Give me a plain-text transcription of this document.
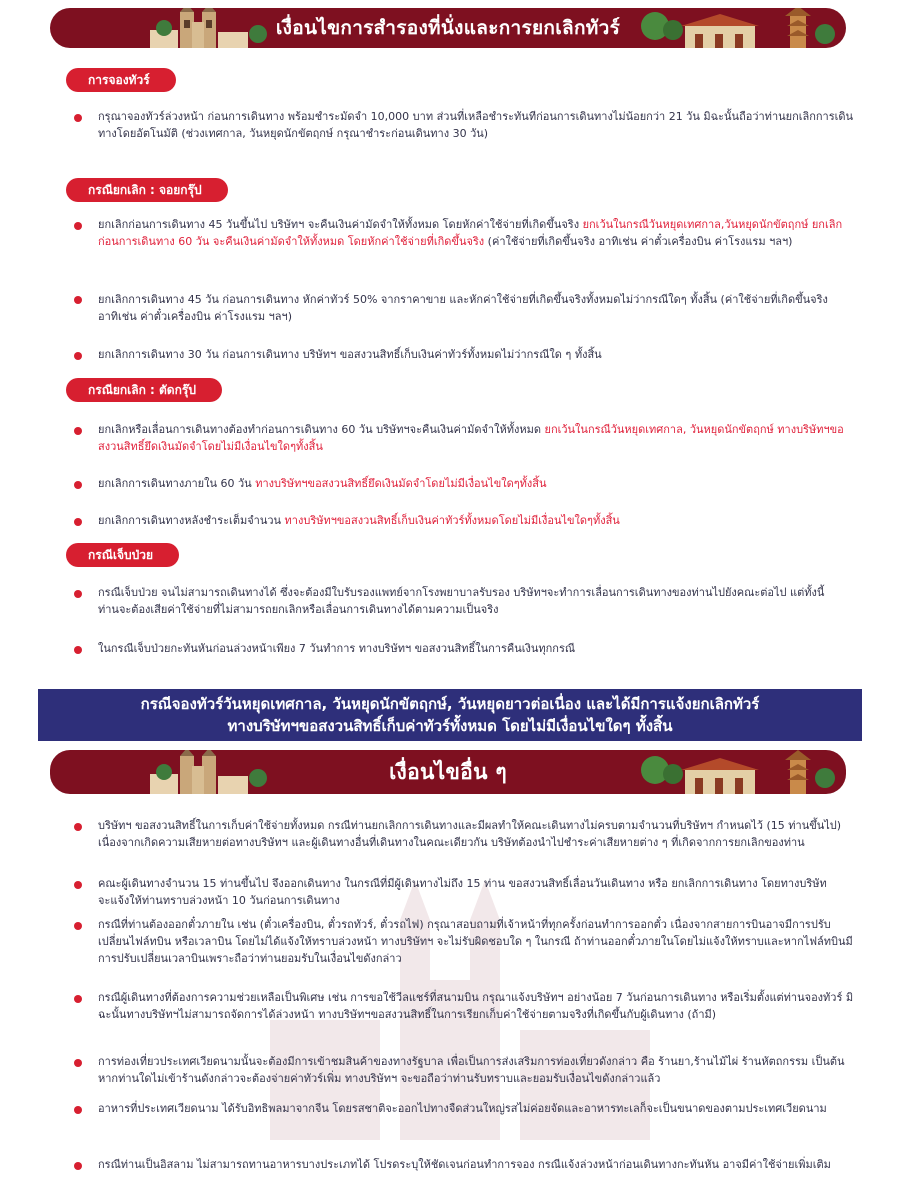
เงื่อนไขการสำรองที่นั่งและการยกเลิกทัวร์
การจองทัวร์
กรุณาจองทัวร์ล่วงหน้า ก่อนการเดินทาง พร้อมชำระมัดจำ 10,000 บาท ส่วนที่เหลือชำระทันทีก่อนการเดินทางไม่น้อยกว่า 21 วัน มิฉะนั้นถือว่าท่านยกเลิกการเดินทางโดยอัตโนมัติ (ช่วงเทศกาล, วันหยุดนักขัตฤกษ์ กรุณาชำระก่อนเดินทาง 30 วัน)
กรณียกเลิก : จอยกรุ๊ป
ยกเลิกก่อนการเดินทาง 45 วันขึ้นไป บริษัทฯ จะคืนเงินค่ามัดจำให้ทั้งหมด โดยหักค่าใช้จ่ายที่เกิดขึ้นจริง ยกเว้นในกรณีวันหยุดเทศกาล,วันหยุดนักขัตฤกษ์ ยกเลิกก่อนการเดินทาง 60 วัน จะคืนเงินค่ามัดจำให้ทั้งหมด โดยหักค่าใช้จ่ายที่เกิดขึ้นจริง (ค่าใช้จ่ายที่เกิดขึ้นจริง อาทิเช่น ค่าตั๋วเครื่องบิน ค่าโรงแรม ฯลฯ)
ยกเลิกการเดินทาง 45 วัน ก่อนการเดินทาง หักค่าทัวร์ 50% จากราคาขาย และหักค่าใช้จ่ายที่เกิดขึ้นจริงทั้งหมดไม่ว่ากรณีใดๆ ทั้งสิ้น (ค่าใช้จ่ายที่เกิดขึ้นจริง อาทิเช่น ค่าตั๋วเครื่องบิน ค่าโรงแรม ฯลฯ)
ยกเลิกการเดินทาง 30 วัน ก่อนการเดินทาง บริษัทฯ ขอสงวนสิทธิ์เก็บเงินค่าทัวร์ทั้งหมดไม่ว่ากรณีใด ๆ ทั้งสิ้น
กรณียกเลิก : ตัดกรุ๊ป
ยกเลิกหรือเลื่อนการเดินทางต้องทำก่อนการเดินทาง 60 วัน บริษัทฯจะคืนเงินค่ามัดจำให้ทั้งหมด ยกเว้นในกรณีวันหยุดเทศกาล, วันหยุดนักขัตฤกษ์ ทางบริษัทฯขอสงวนสิทธิ์ยึดเงินมัดจำโดยไม่มีเงื่อนไขใดๆทั้งสิ้น
ยกเลิกการเดินทางภายใน 60 วัน ทางบริษัทฯขอสงวนสิทธิ์ยึดเงินมัดจำโดยไม่มีเงื่อนไขใดๆทั้งสิ้น
ยกเลิกการเดินทางหลังชำระเต็มจำนวน ทางบริษัทฯขอสงวนสิทธิ์เก็บเงินค่าทัวร์ทั้งหมดโดยไม่มีเงื่อนไขใดๆทั้งสิ้น
กรณีเจ็บป่วย
กรณีเจ็บป่วย จนไม่สามารถเดินทางได้ ซึ่งจะต้องมีใบรับรองแพทย์จากโรงพยาบาลรับรอง บริษัทฯจะทำการเลื่อนการเดินทางของท่านไปยังคณะต่อไป แต่ทั้งนี้ท่านจะต้องเสียค่าใช้จ่ายที่ไม่สามารถยกเลิกหรือเลื่อนการเดินทางได้ตามความเป็นจริง
ในกรณีเจ็บป่วยกะทันหันก่อนล่วงหน้าเพียง 7 วันทำการ ทางบริษัทฯ ขอสงวนสิทธิ์ในการคืนเงินทุกกรณี
กรณีจองทัวร์วันหยุดเทศกาล, วันหยุดนักขัตฤกษ์, วันหยุดยาวต่อเนื่อง และได้มีการแจ้งยกเลิกทัวร์
ทางบริษัทฯขอสงวนสิทธิ์เก็บค่าทัวร์ทั้งหมด โดยไม่มีเงื่อนไขใดๆ ทั้งสิ้น
เงื่อนไขอื่น ๆ
บริษัทฯ ขอสงวนสิทธิ์ในการเก็บค่าใช้จ่ายทั้งหมด กรณีท่านยกเลิกการเดินทางและมีผลทำให้คณะเดินทางไม่ครบตามจำนวนที่บริษัทฯ กำหนดไว้ (15 ท่านขึ้นไป) เนื่องจากเกิดความเสียหายต่อทางบริษัทฯ และผู้เดินทางอื่นที่เดินทางในคณะเดียวกัน บริษัทต้องนำไปชำระค่าเสียหายต่าง ๆ ที่เกิดจากการยกเลิกของท่าน
คณะผู้เดินทางจำนวน 15 ท่านขึ้นไป จึงออกเดินทาง ในกรณีที่มีผู้เดินทางไม่ถึง 15 ท่าน ขอสงวนสิทธิ์เลื่อนวันเดินทาง หรือ ยกเลิกการเดินทาง โดยทางบริษัทจะแจ้งให้ท่านทราบล่วงหน้า 10 วันก่อนการเดินทาง
กรณีที่ท่านต้องออกตั๋วภายใน เช่น (ตั๋วเครื่องบิน, ตั๋วรถทัวร์, ตั๋วรถไฟ) กรุณาสอบถามที่เจ้าหน้าที่ทุกครั้งก่อนทำการออกตั๋ว เนื่องจากสายการบินอาจมีการปรับเปลี่ยนไฟล์ทบิน หรือเวลาบิน โดยไม่ได้แจ้งให้ทราบล่วงหน้า ทางบริษัทฯ จะไม่รับผิดชอบใด ๆ ในกรณี ถ้าท่านออกตั๋วภายในโดยไม่แจ้งให้ทราบและหากไฟล์ทบินมีการปรับเปลี่ยนเวลาบินเพราะถือว่าท่านยอมรับในเงื่อนไขดังกล่าว
กรณีผู้เดินทางที่ต้องการความช่วยเหลือเป็นพิเศษ เช่น การขอใช้วีลแชร์ที่สนามบิน กรุณาแจ้งบริษัทฯ อย่างน้อย 7 วันก่อนการเดินทาง หรือเริ่มตั้งแต่ท่านจองทัวร์ มิฉะนั้นทางบริษัทฯไม่สามารถจัดการได้ล่วงหน้า ทางบริษัทฯขอสงวนสิทธิ์ในการเรียกเก็บค่าใช้จ่ายตามจริงที่เกิดขึ้นกับผู้เดินทาง (ถ้ามี)
การท่องเที่ยวประเทศเวียดนามนั้นจะต้องมีการเข้าชมสินค้าของทางรัฐบาล เพื่อเป็นการส่งเสริมการท่องเที่ยวดังกล่าว คือ ร้านยา,ร้านไม้ไผ่ ร้านหัตถกรรม เป็นต้น หากท่านใดไม่เข้าร้านดังกล่าวจะต้องจ่ายค่าทัวร์เพิ่ม ทางบริษัทฯ จะขอถือว่าท่านรับทราบและยอมรับเงื่อนไขดังกล่าวแล้ว
อาหารที่ประเทศเวียดนาม ได้รับอิทธิพลมาจากจีน โดยรสชาติจะออกไปทางจืดส่วนใหญ่รสไม่ค่อยจัดและอาหารทะเลก็จะเป็นขนาดของตามประเทศเวียดนาม
กรณีท่านเป็นอิสลาม ไม่สามารถทานอาหารบางประเภทได้ โปรดระบุให้ชัดเจนก่อนทำการจอง กรณีแจ้งล่วงหน้าก่อนเดินทางกะทันหัน อาจมีค่าใช้จ่ายเพิ่มเติม
